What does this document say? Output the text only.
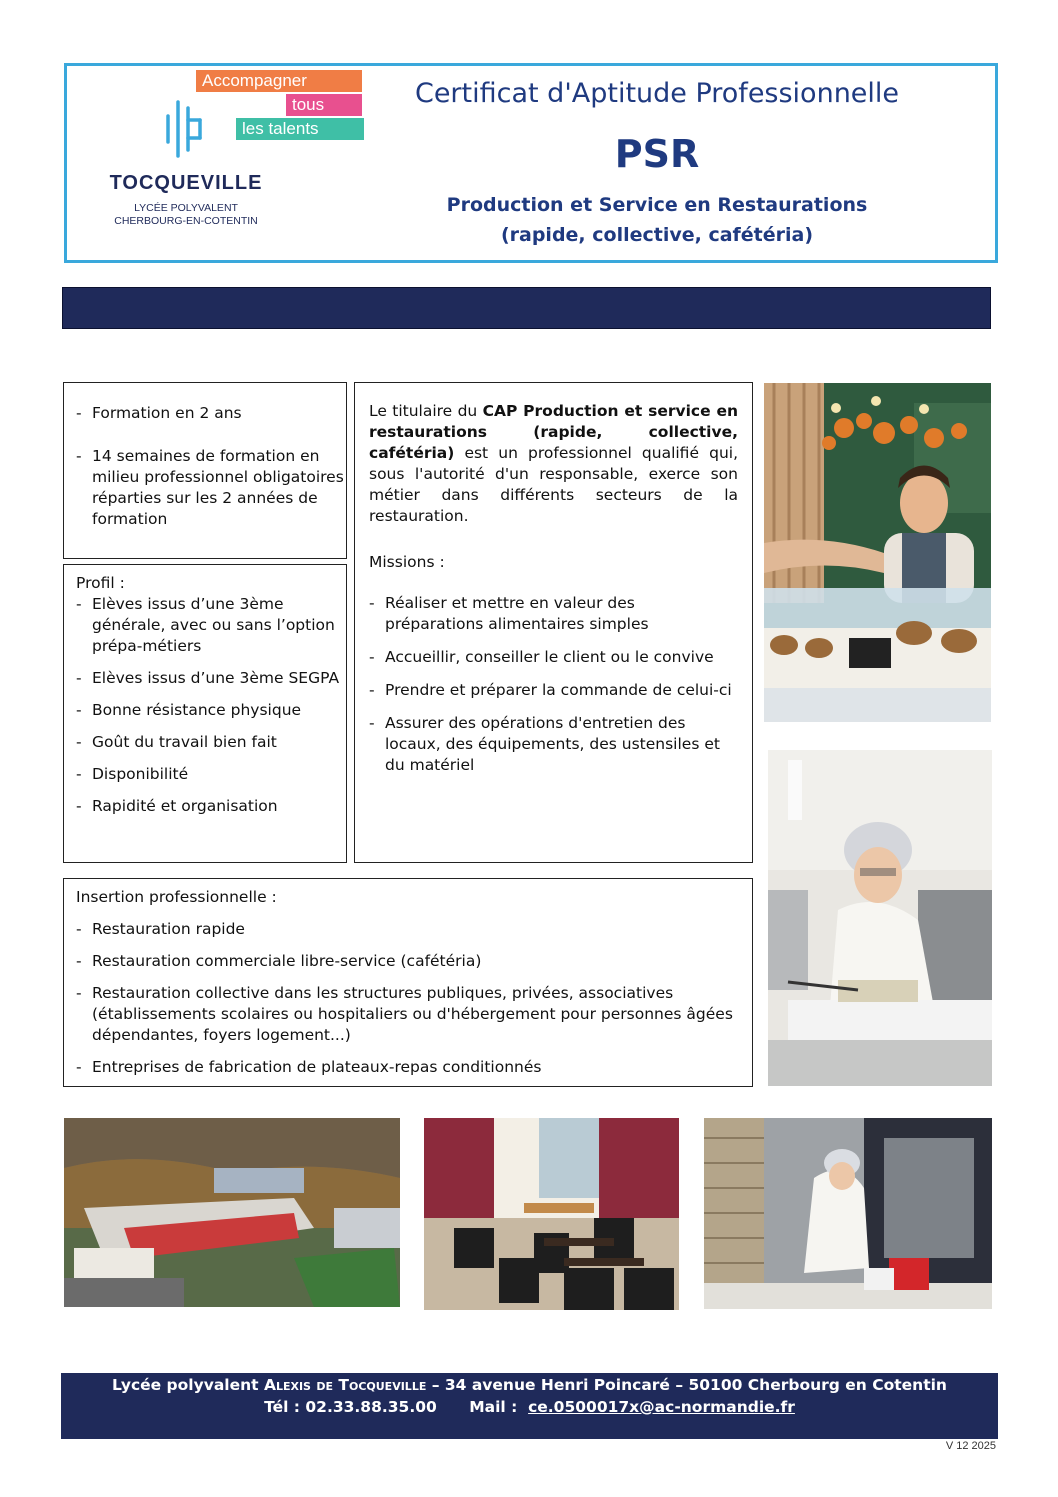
Accompagner
tous
les talents
TOCQUEVILLE
LYCÉE POLYVALENT
CHERBOURG-EN-COTENTIN
Certificat d'Aptitude Professionnelle
PSR
Production et Service en Restaurations
(rapide, collective, cafétéria)
- Formation en 2 ans
- 14 semaines de formation en milieu professionnel obligatoires réparties sur les 2 années de formation
Profil :
- Elèves issus d’une 3ème générale, avec ou sans l’option prépa-métiers
- Elèves issus d’une 3ème SEGPA
- Bonne résistance physique
- Goût du travail bien fait
- Disponibilité
- Rapidité et organisation
Le titulaire du CAP Production et service en restaurations (rapide, collective, cafétéria) est un professionnel qualifié qui, sous l'autorité d'un responsable, exerce son métier dans différents secteurs de la restauration.
Missions :
- Réaliser et mettre en valeur des préparations alimentaires simples
- Accueillir, conseiller le client ou le convive
- Prendre et préparer la commande de celui-ci
- Assurer des opérations d'entretien des locaux, des équipements, des ustensiles et du matériel
Insertion professionnelle :
- Restauration rapide
- Restauration commerciale libre-service (cafétéria)
- Restauration collective dans les structures publiques, privées, associatives (établissements scolaires ou hospitaliers ou d'hébergement pour personnes âgées dépendantes, foyers logement...)
- Entreprises de fabrication de plateaux-repas conditionnés
Lycée polyvalent Alexis de Tocqueville – 34 avenue Henri Poincaré – 50100 Cherbourg en Cotentin
Tél : 02.33.88.35.00 Mail : ce.0500017x@ac-normandie.fr
V 12 2025
